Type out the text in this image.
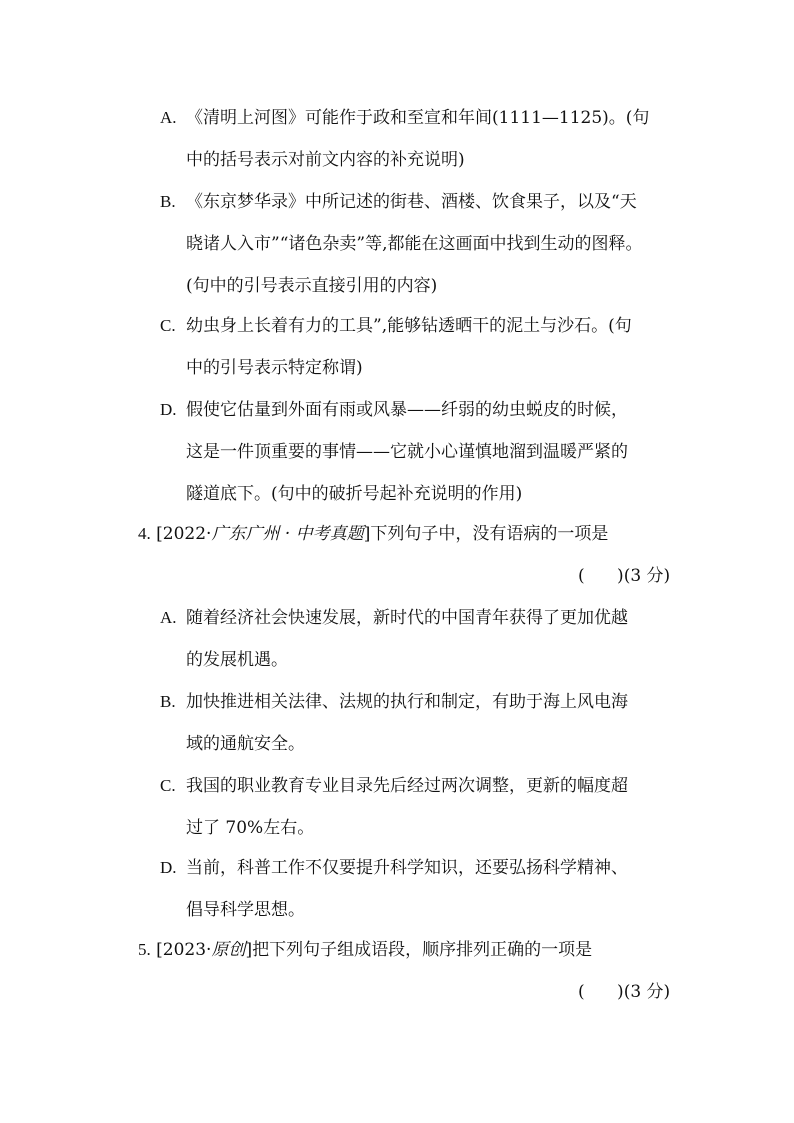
A. 《清明上河图》可能作于政和至宣和年间(1111—1125)。(句
中的括号表示对前文内容的补充说明)
B. 《东京梦华录》中所记述的街巷、酒楼、饮食果子，以及“天
晓诸人入市”“诸色杂卖”等,都能在这画面中找到生动的图释。
(句中的引号表示直接引用的内容)
C. 幼虫身上长着有力的工具”,能够钻透晒干的泥土与沙石。(句
中的引号表示特定称谓)
D. 假使它估量到外面有雨或风暴——纤弱的幼虫蜕皮的时候，
这是一件顶重要的事情——它就小心谨慎地溜到温暖严紧的
隧道底下。(句中的破折号起补充说明的作用)
4. [2022·广东广州 · 中考真题]下列句子中，没有语病的一项是
(      )(3 分)
A. 随着经济社会快速发展，新时代的中国青年获得了更加优越
的发展机遇。
B. 加快推进相关法律、法规的执行和制定，有助于海上风电海
域的通航安全。
C. 我国的职业教育专业目录先后经过两次调整，更新的幅度超
过了 70%左右。
D. 当前，科普工作不仅要提升科学知识，还要弘扬科学精神、
倡导科学思想。
5. [2023·原创]把下列句子组成语段，顺序排列正确的一项是
(      )(3 分)
